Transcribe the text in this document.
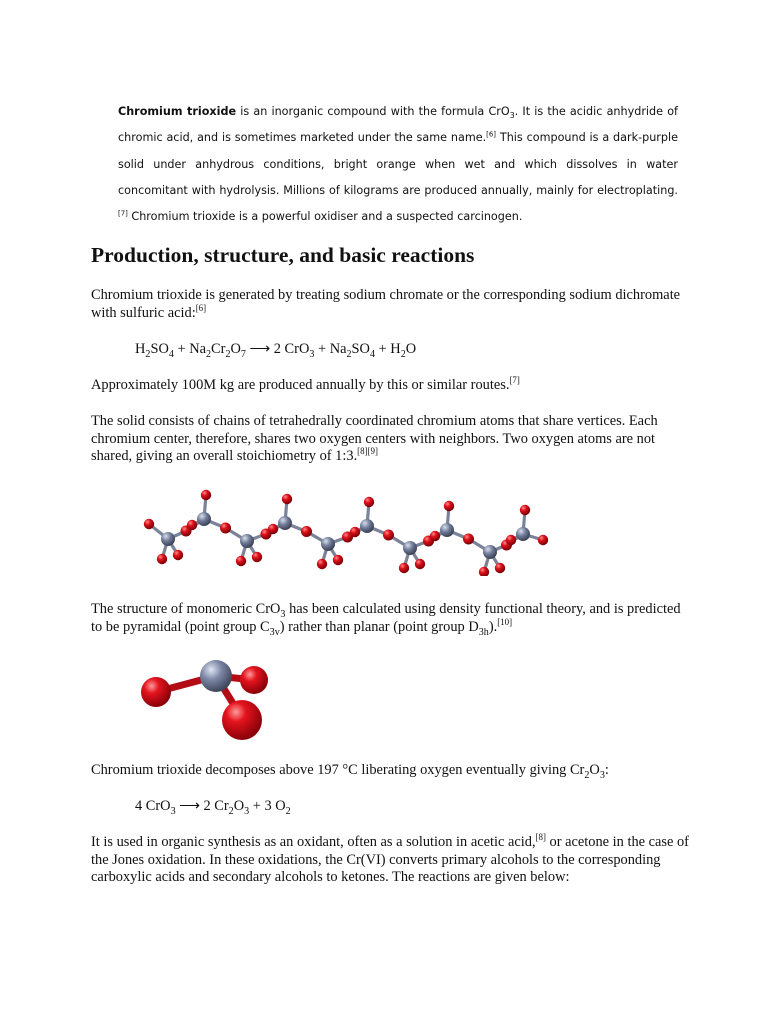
Chromium trioxide is an inorganic compound with the formula CrO$_3$. It is the acidic anhydride of chromic acid, and is sometimes marketed under the same name.[6] This compound is a dark-purple solid under anhydrous conditions, bright orange when wet and which dissolves in water concomitant with hydrolysis. Millions of kilograms are produced annually, mainly for electroplating.[7] Chromium trioxide is a powerful oxidiser and a suspected carcinogen.

Production, structure, and basic reactions

Chromium trioxide is generated by treating sodium chromate or the corresponding sodium dichromate with sulfuric acid:[6]

$H_2SO_4 + Na_2Cr_2O_7$ ⟶ 2 $CrO_3 + Na_2SO_4 + H_2O$

Approximately 100M kg are produced annually by this or similar routes.[7]

The solid consists of chains of tetrahedrally coordinated chromium atoms that share vertices. Each chromium center, therefore, shares two oxygen centers with neighbors. Two oxygen atoms are not shared, giving an overall stoichiometry of 1:3.[8][9]

The structure of monomeric CrO$_3$ has been calculated using density functional theory, and is predicted to be pyramidal (point group $C_{3v}$) rather than planar (point group $D_{3h}).[10]$

Chromium trioxide decomposes above 197 °C liberating oxygen eventually giving $Cr_2O_3$:

4 CrO$_3$ ⟶ 2 $Cr_2O_3 + 3$ $O_2$

It is used in organic synthesis as an oxidant, often as a solution in acetic acid,[8] or acetone in the case of the Jones oxidation. In these oxidations, the Cr(VI) converts primary alcohols to the corresponding carboxylic acids and secondary alcohols to ketones. The reactions are given below:
